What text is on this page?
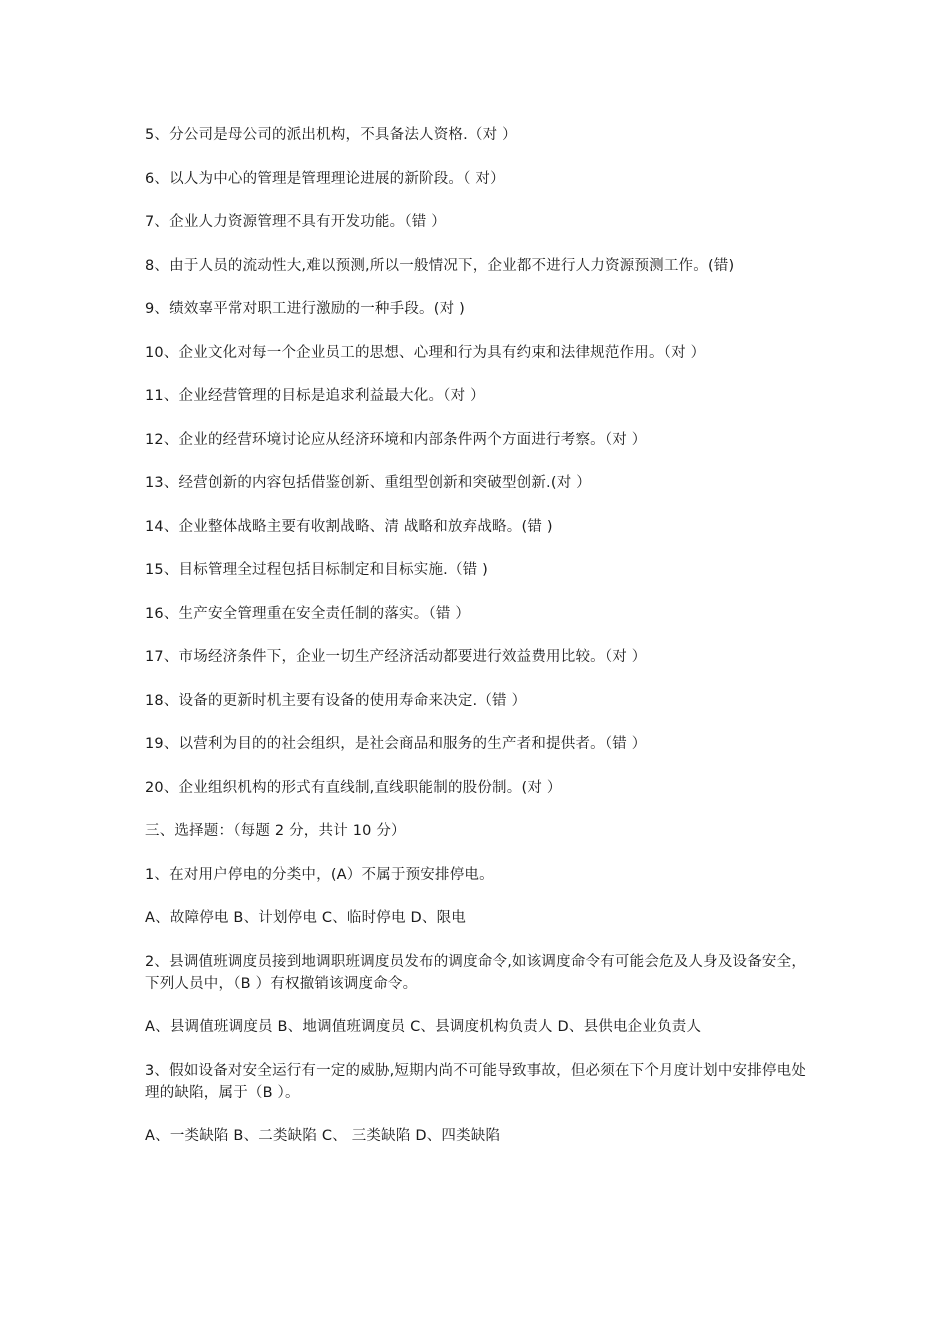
5、分公司是母公司的派出机构，不具备法人资格.（对 ）

6、以人为中心的管理是管理理论进展的新阶段。（ 对）

7、企业人力资源管理不具有开发功能。（错 ）

8、由于人员的流动性大,难以预测,所以一般情况下，企业都不进行人力资源预测工作。(错)

9、绩效辜平常对职工进行激励的一种手段。(对 )

10、企业文化对每一个企业员工的思想、心理和行为具有约束和法律规范作用。（对 ）

11、企业经营管理的目标是追求利益最大化。（对 ）

12、企业的经营环境讨论应从经济环境和内部条件两个方面进行考察。（对 ）

13、经营创新的内容包括借鉴创新、重组型创新和突破型创新.(对 ）

14、企业整体战略主要有收割战略、清 战略和放弃战略。(错 )

15、目标管理全过程包括目标制定和目标实施.（错 )

16、生产安全管理重在安全责任制的落实。（错 ）

17、市场经济条件下，企业一切生产经济活动都要进行效益费用比较。（对 ）

18、设备的更新时机主要有设备的使用寿命来决定.（错 ）

19、以营利为目的的社会组织，是社会商品和服务的生产者和提供者。（错 ）

20、企业组织机构的形式有直线制,直线职能制的股份制。(对 ）

三、选择题：（每题 2 分，共计 10 分）

1、在对用户停电的分类中，(A）不属于预安排停电。

A、故障停电 B、计划停电 C、临时停电 D、限电

2、县调值班调度员接到地调职班调度员发布的调度命令,如该调度命令有可能会危及人身及设备安全，下列人员中，（B ）有权撤销该调度命令。

A、县调值班调度员 B、地调值班调度员 C、县调度机构负责人 D、县供电企业负责人

3、假如设备对安全运行有一定的威胁,短期内尚不可能导致事故，但必须在下个月度计划中安排停电处理的缺陷，属于（B ）。

A、一类缺陷 B、二类缺陷 C、 三类缺陷 D、四类缺陷
